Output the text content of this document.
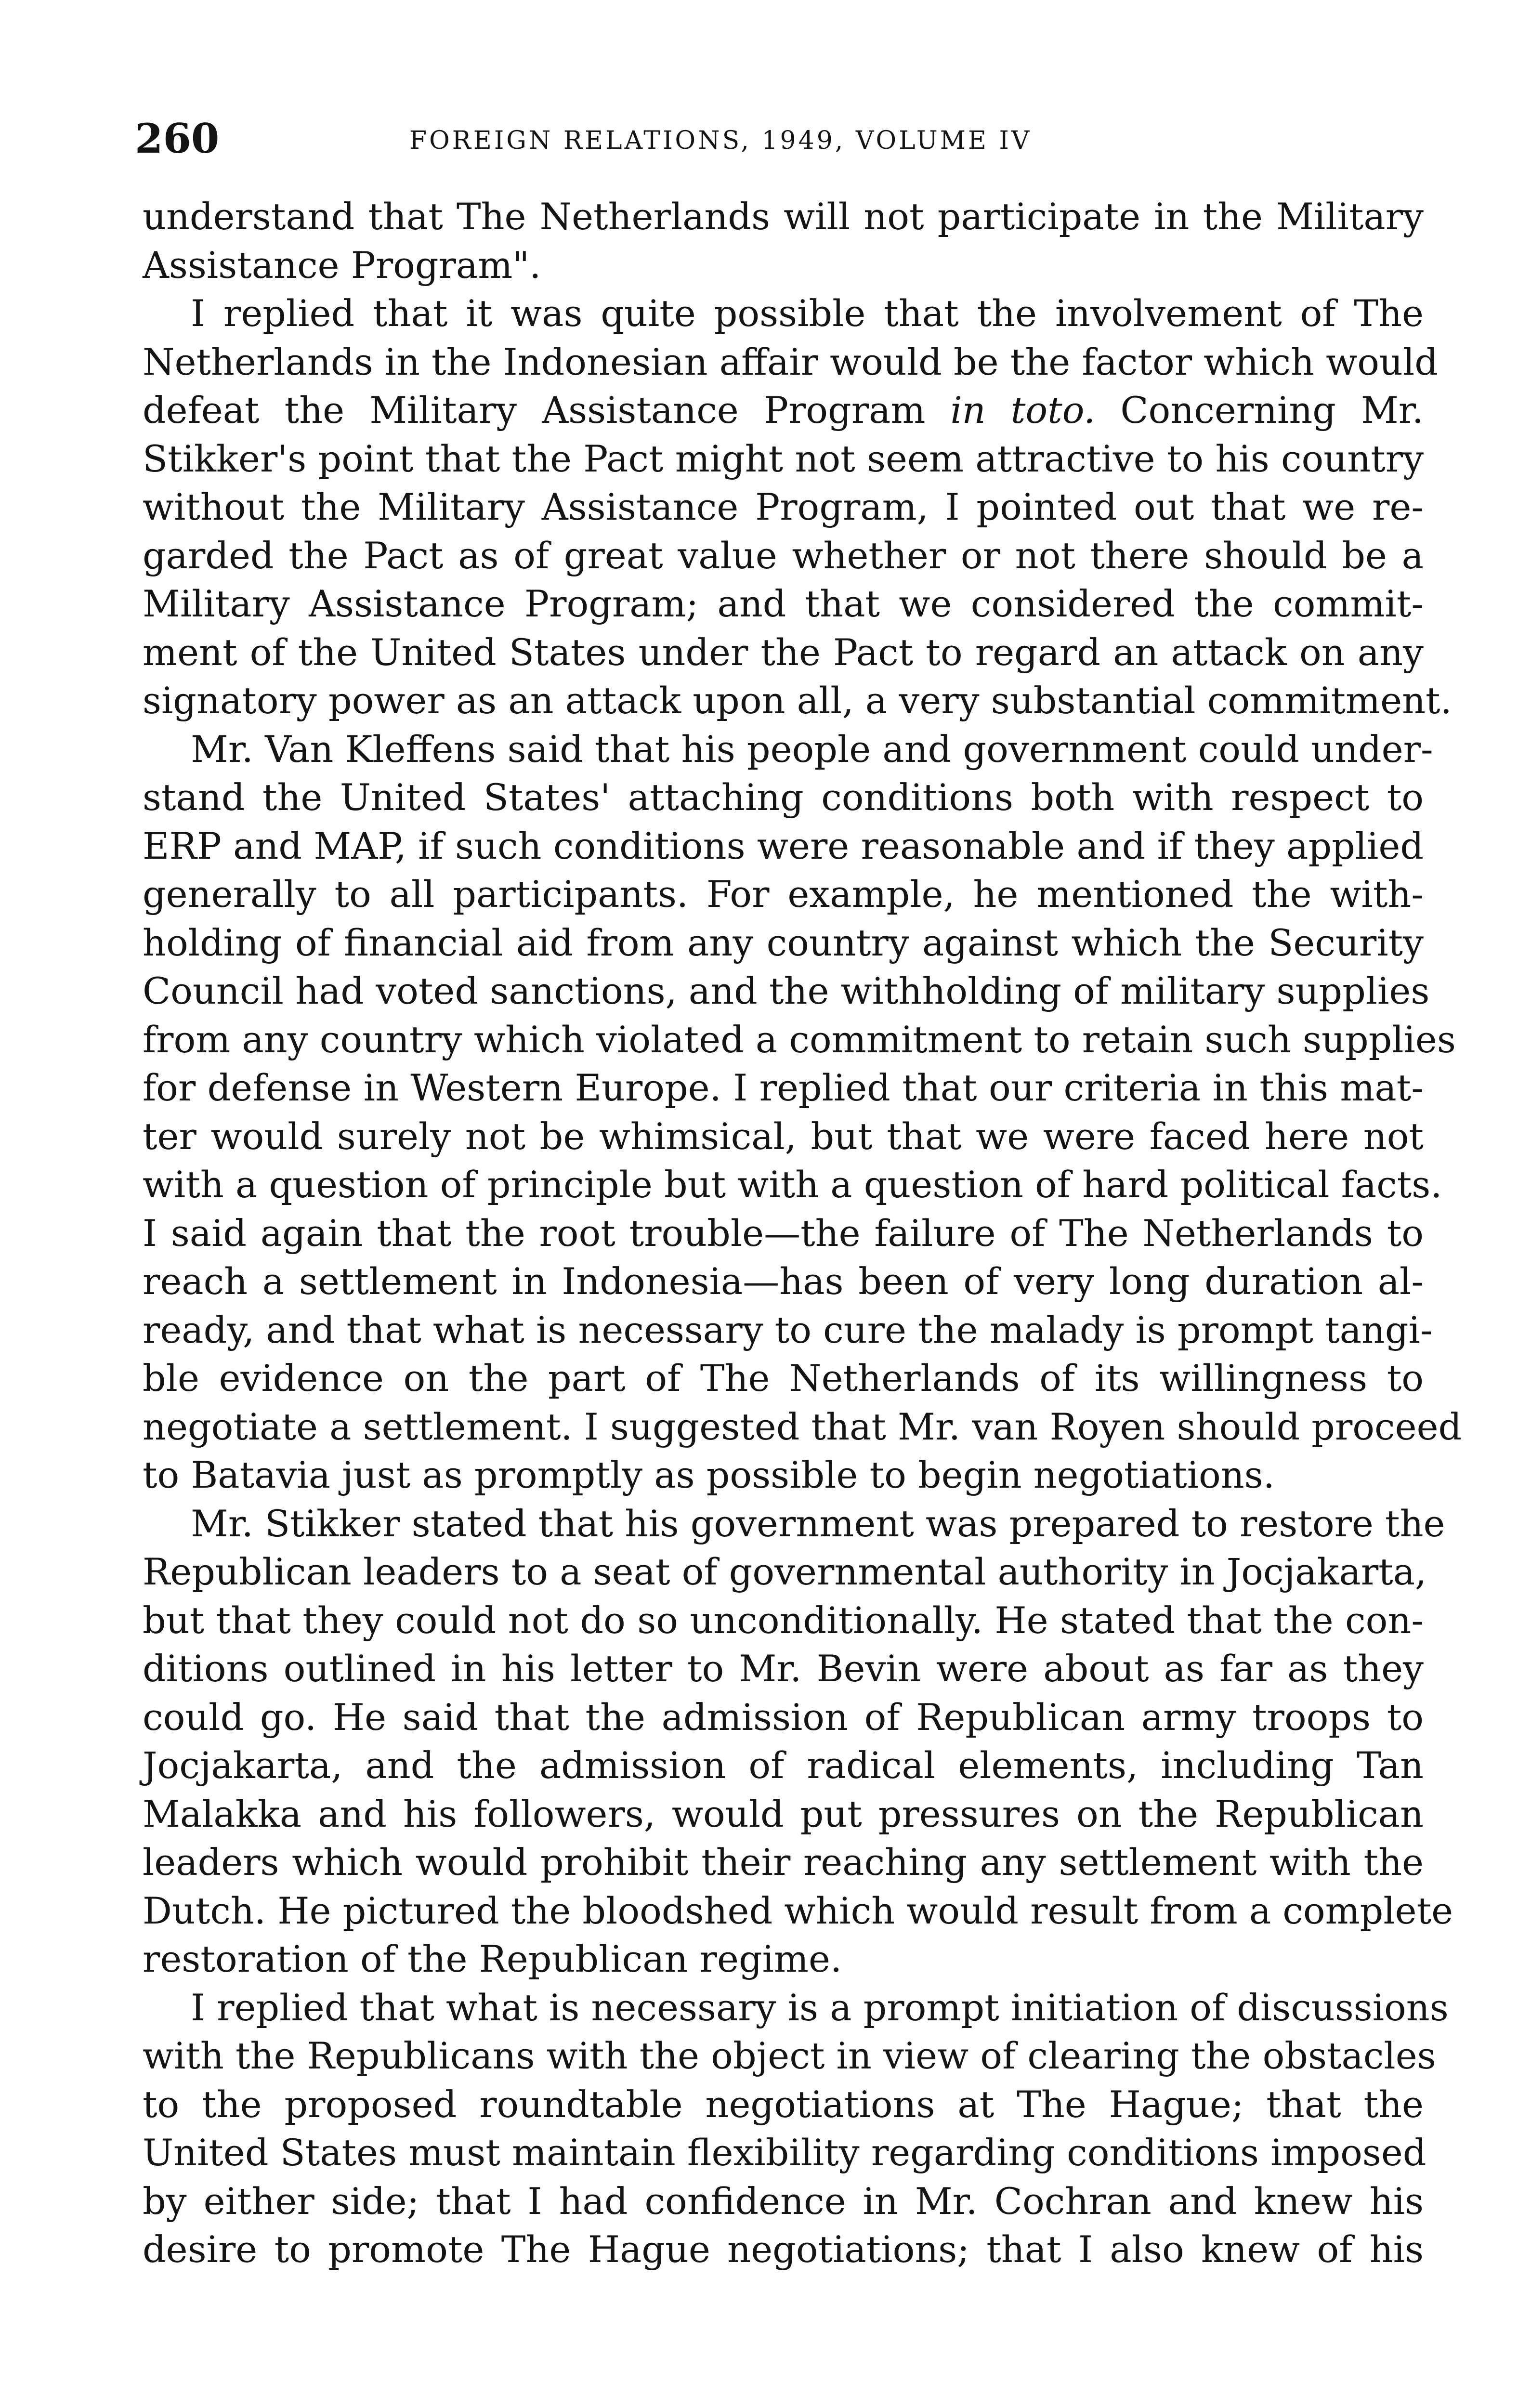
260	FOREIGN RELATIONS, 1949, VOLUME IV
understand that The Netherlands will not participate in the Military
Assistance Program".
I replied that it was quite possible that the involvement of The
Netherlands in the Indonesian affair would be the factor which would
defeat the Military Assistance Program in toto. Concerning Mr.
Stikker's point that the Pact might not seem attractive to his country
without the Military Assistance Program, I pointed out that we re-
garded the Pact as of great value whether or not there should be a
Military Assistance Program; and that we considered the commit-
ment of the United States under the Pact to regard an attack on any
signatory power as an attack upon all, a very substantial commitment.
Mr. Van Kleffens said that his people and government could under-
stand the United States' attaching conditions both with respect to
ERP and MAP, if such conditions were reasonable and if they applied
generally to all participants. For example, he mentioned the with-
holding of financial aid from any country against which the Security
Council had voted sanctions, and the withholding of military supplies
from any country which violated a commitment to retain such supplies
for defense in Western Europe. I replied that our criteria in this mat-
ter would surely not be whimsical, but that we were faced here not
with a question of principle but with a question of hard political facts.
I said again that the root trouble—the failure of The Netherlands to
reach a settlement in Indonesia—has been of very long duration al-
ready, and that what is necessary to cure the malady is prompt tangi-
ble evidence on the part of The Netherlands of its willingness to
negotiate a settlement. I suggested that Mr. van Royen should proceed
to Batavia just as promptly as possible to begin negotiations.
Mr. Stikker stated that his government was prepared to restore the
Republican leaders to a seat of governmental authority in Jocjakarta,
but that they could not do so unconditionally. He stated that the con-
ditions outlined in his letter to Mr. Bevin were about as far as they
could go. He said that the admission of Republican army troops to
Jocjakarta, and the admission of radical elements, including Tan
Malakka and his followers, would put pressures on the Republican
leaders which would prohibit their reaching any settlement with the
Dutch. He pictured the bloodshed which would result from a complete
restoration of the Republican regime.
I replied that what is necessary is a prompt initiation of discussions
with the Republicans with the object in view of clearing the obstacles
to the proposed roundtable negotiations at The Hague; that the
United States must maintain flexibility regarding conditions imposed
by either side; that I had confidence in Mr. Cochran and knew his
desire to promote The Hague negotiations; that I also knew of his
